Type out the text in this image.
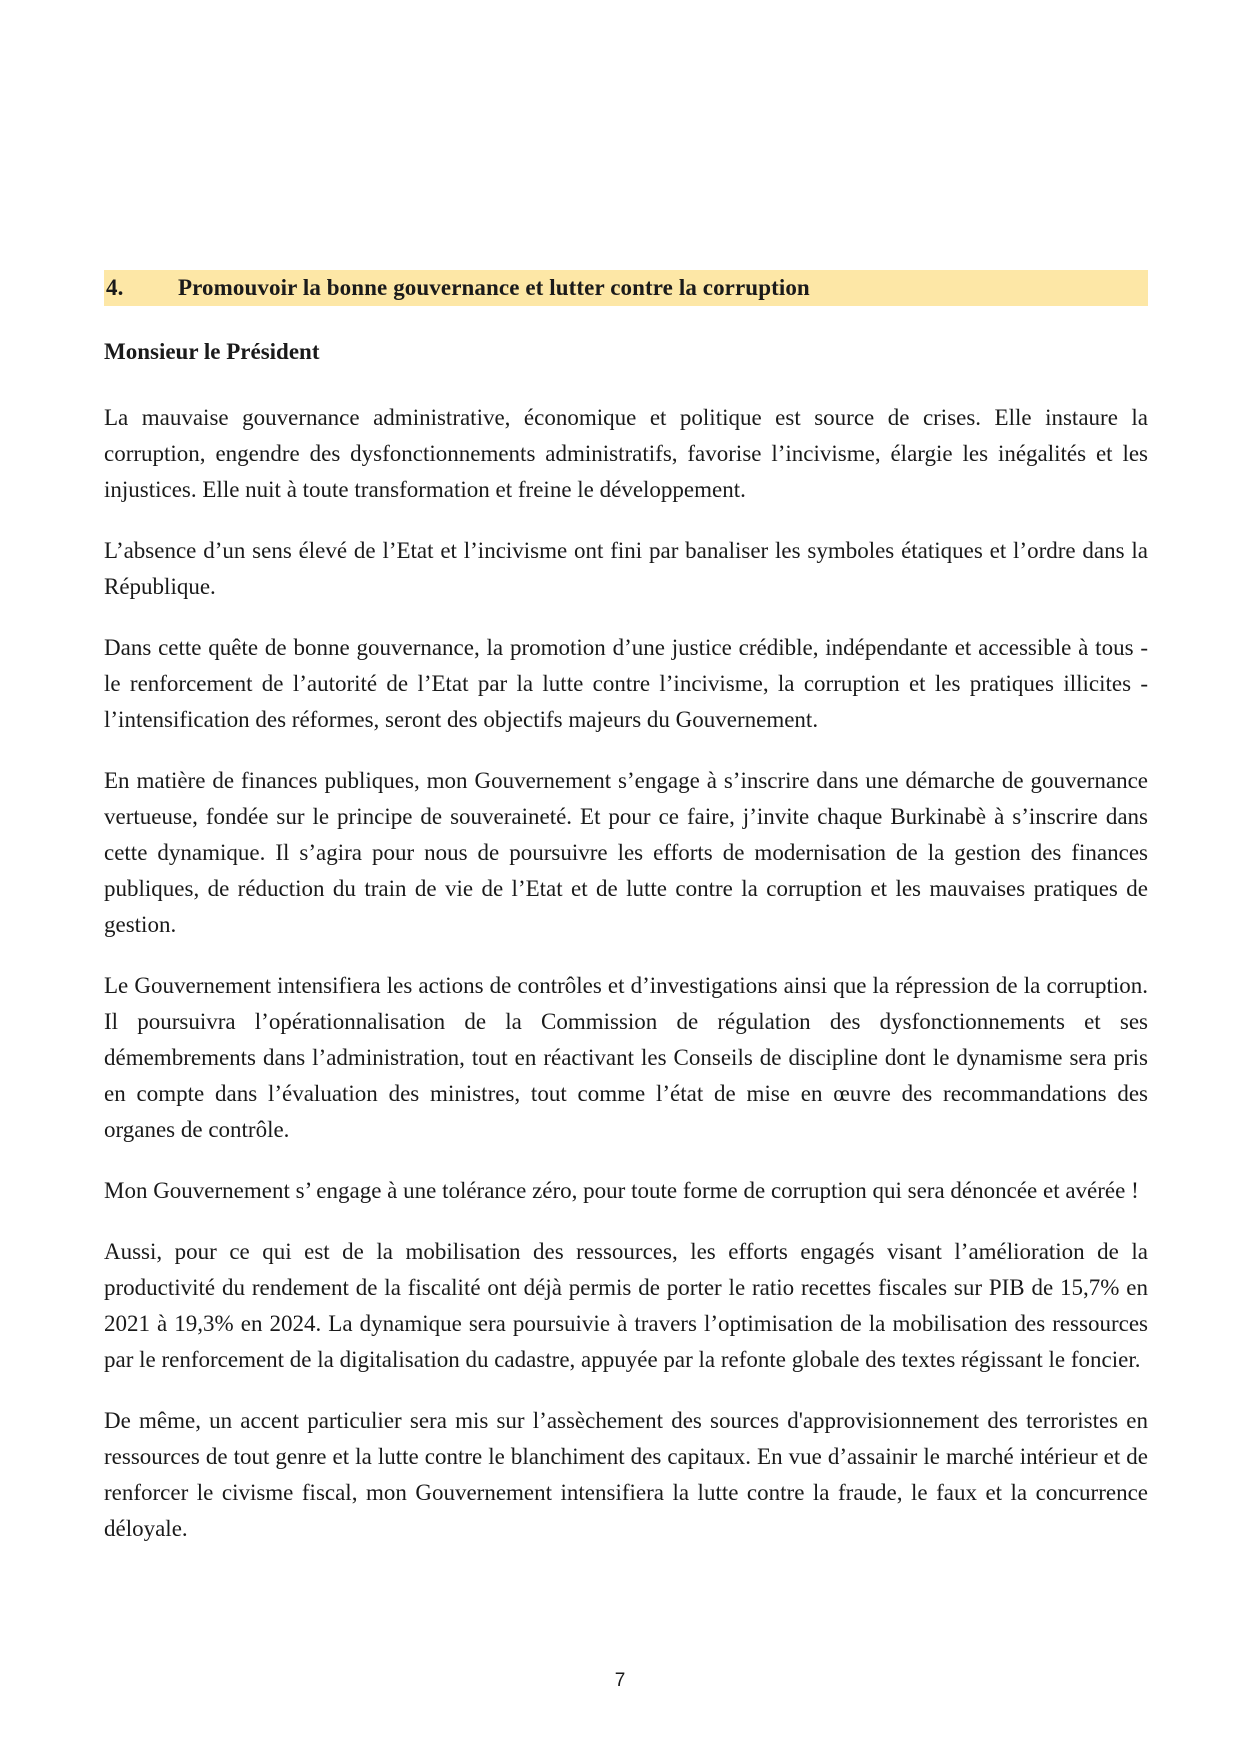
4.	Promouvoir la bonne gouvernance et lutter contre la corruption
Monsieur le Président

La mauvaise gouvernance administrative, économique et politique est source de crises. Elle instaure la corruption, engendre des dysfonctionnements administratifs, favorise l’incivisme, élargie les inégalités et les injustices. Elle nuit à toute transformation et freine le développement.

L’absence d’un sens élevé de l’Etat et l’incivisme ont fini par banaliser les symboles étatiques et l’ordre dans la République.

Dans cette quête de bonne gouvernance, la promotion d’une justice crédible, indépendante et accessible à tous - le renforcement de l’autorité de l’Etat par la lutte contre l’incivisme, la corruption et les pratiques illicites - l’intensification des réformes, seront des objectifs majeurs du Gouvernement.

En matière de finances publiques, mon Gouvernement s’engage à s’inscrire dans une démarche de gouvernance vertueuse, fondée sur le principe de souveraineté. Et pour ce faire, j’invite chaque Burkinabè à s’inscrire dans cette dynamique. Il s’agira pour nous de poursuivre les efforts de modernisation de la gestion des finances publiques, de réduction du train de vie de l’Etat et de lutte contre la corruption et les mauvaises pratiques de gestion.

Le Gouvernement intensifiera les actions de contrôles et d’investigations ainsi que la répression de la corruption. Il poursuivra l’opérationnalisation de la Commission de régulation des dysfonctionnements et ses démembrements dans l’administration, tout en réactivant les Conseils de discipline dont le dynamisme sera pris en compte dans l’évaluation des ministres, tout comme l’état de mise en œuvre des recommandations des organes de contrôle.

Mon Gouvernement s’ engage à une tolérance zéro, pour toute forme de corruption qui sera dénoncée et avérée !

Aussi, pour ce qui est de la mobilisation des ressources, les efforts engagés visant l’amélioration de la productivité du rendement de la fiscalité ont déjà permis de porter le ratio recettes fiscales sur PIB de 15,7% en 2021 à 19,3% en 2024. La dynamique sera poursuivie à travers l’optimisation de la mobilisation des ressources par le renforcement de la digitalisation du cadastre, appuyée par la refonte globale des textes régissant le foncier.

De même, un accent particulier sera mis sur l’assèchement des sources d'approvisionnement des terroristes en ressources de tout genre et la lutte contre le blanchiment des capitaux. En vue d’assainir le marché intérieur et de renforcer le civisme fiscal, mon Gouvernement intensifiera la lutte contre la fraude, le faux et la concurrence déloyale.

7
